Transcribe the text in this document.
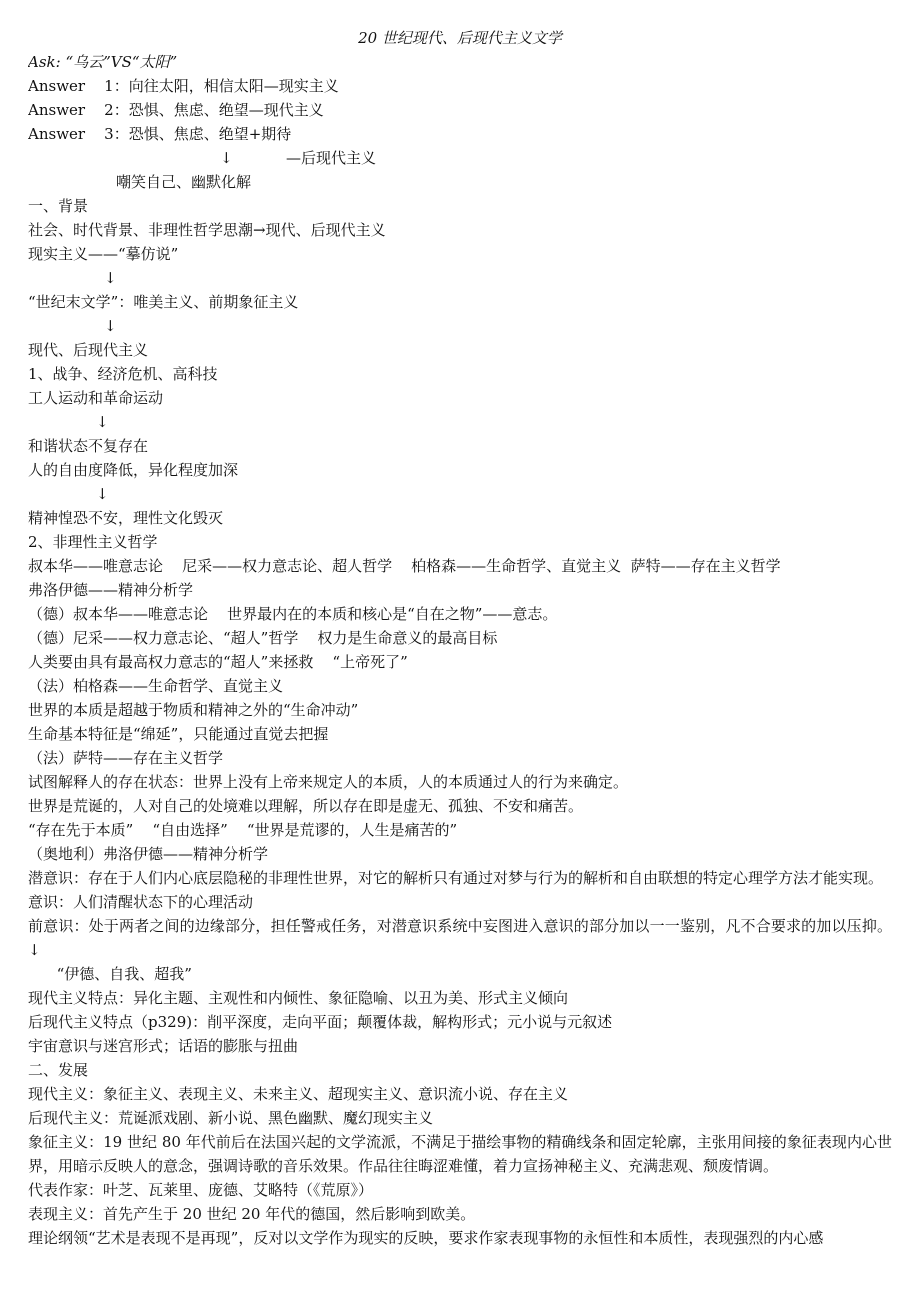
20 世纪现代、后现代主义文学
Ask: “乌云”VS“太阳”
Answer    1：向往太阳，相信太阳—现实主义
Answer    2：恐惧、焦虑、绝望—现代主义
Answer    3：恐惧、焦虑、绝望+期待
↓	—后现代主义
嘲笑自己、幽默化解
一、背景
社会、时代背景、非理性哲学思潮→现代、后现代主义
现实主义——“摹仿说”
↓
“世纪末文学”：唯美主义、前期象征主义
↓
现代、后现代主义
1、战争、经济危机、高科技
工人运动和革命运动
↓
和谐状态不复存在
人的自由度降低，异化程度加深
↓
精神惶恐不安，理性文化毁灭
2、非理性主义哲学
叔本华——唯意志论    尼采——权力意志论、超人哲学    柏格森——生命哲学、直觉主义  萨特——存在主义哲学
弗洛伊德——精神分析学
（德）叔本华——唯意志论    世界最内在的本质和核心是“自在之物”——意志。
（德）尼采——权力意志论、“超人”哲学    权力是生命意义的最高目标
人类要由具有最高权力意志的“超人”来拯救    “上帝死了”
（法）柏格森——生命哲学、直觉主义
世界的本质是超越于物质和精神之外的“生命冲动”
生命基本特征是“绵延”，只能通过直觉去把握
（法）萨特——存在主义哲学
试图解释人的存在状态：世界上没有上帝来规定人的本质，人的本质通过人的行为来确定。
世界是荒诞的，人对自己的处境难以理解，所以存在即是虚无、孤独、不安和痛苦。
“存在先于本质”    “自由选择”    “世界是荒谬的，人生是痛苦的”
（奥地利）弗洛伊德——精神分析学
潜意识：存在于人们内心底层隐秘的非理性世界，对它的解析只有通过对梦与行为的解析和自由联想的特定心理学方法才能实现。
意识：人们清醒状态下的心理活动
前意识：处于两者之间的边缘部分，担任警戒任务，对潜意识系统中妄图进入意识的部分加以一一鉴别，凡不合要求的加以压抑。↓
“伊德、自我、超我”
现代主义特点：异化主题、主观性和内倾性、象征隐喻、以丑为美、形式主义倾向
后现代主义特点（p329)：削平深度，走向平面；颠覆体裁，解构形式；元小说与元叙述
宇宙意识与迷宫形式；话语的膨胀与扭曲
二、发展
现代主义：象征主义、表现主义、未来主义、超现实主义、意识流小说、存在主义
后现代主义：荒诞派戏剧、新小说、黑色幽默、魔幻现实主义
象征主义：19 世纪 80 年代前后在法国兴起的文学流派，不满足于描绘事物的精确线条和固定轮廓，主张用间接的象征表现内心世界，用暗示反映人的意念，强调诗歌的音乐效果。作品往往晦涩难懂，着力宣扬神秘主义、充满悲观、颓废情调。
代表作家：叶芝、瓦莱里、庞德、艾略特（《荒原》）
表现主义：首先产生于 20 世纪 20 年代的德国，然后影响到欧美。
理论纲领“艺术是表现不是再现”，反对以文学作为现实的反映，要求作家表现事物的永恒性和本质性，表现强烈的内心感
